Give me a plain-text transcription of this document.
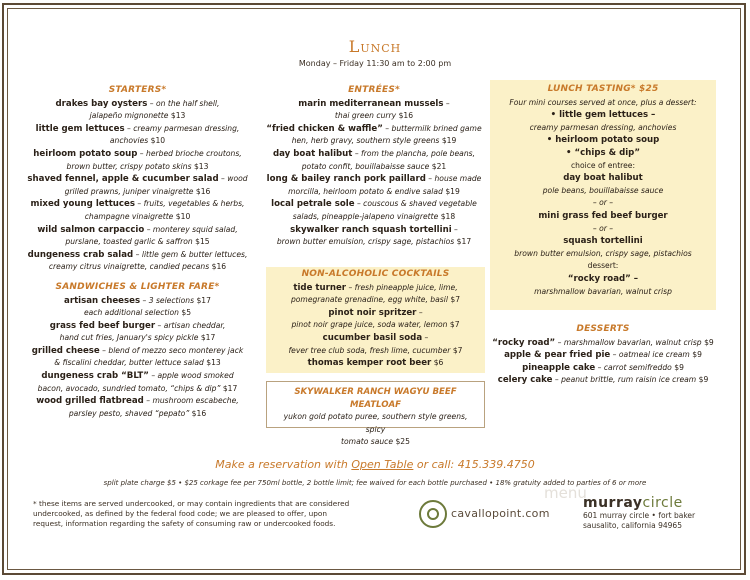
Lunch
Monday – Friday 11:30 am to 2:00 pm
STARTERS*
drakes bay oysters – on the half shell,
jalapeño mignonette $13
little gem lettuces – creamy parmesan dressing,
anchovies $10
heirloom potato soup – herbed brioche croutons,
brown butter, crispy potato skins $13
shaved fennel, apple & cucumber salad – wood
grilled prawns, juniper vinaigrette $16
mixed young lettuces – fruits, vegetables & herbs,
champagne vinaigrette $10
wild salmon carpaccio – monterey squid salad,
purslane, toasted garlic & saffron $15
dungeness crab salad – little gem & butter lettuces,
creamy citrus vinaigrette, candied pecans $16
SANDWICHES & LIGHTER FARE*
artisan cheeses – 3 selections $17
each additional selection $5
grass fed beef burger – artisan cheddar,
hand cut fries, January's spicy pickle $17
grilled cheese – blend of mezzo seco monterey jack
& fiscalini cheddar, butter lettuce salad $13
dungeness crab “BLT” – apple wood smoked
bacon, avocado, sundried tomato, “chips & dip” $17
wood grilled flatbread – mushroom escabeche,
parsley pesto, shaved “pepato” $16
ENTRÉES*
marin mediterranean mussels –
thai green curry $16
“fried chicken & waffle” – buttermilk brined game
hen, herb gravy, southern style greens $19
day boat halibut – from the plancha, pole beans,
potato confit, bouillabaisse sauce $21
long & bailey ranch pork paillard – house made
morcilla, heirloom potato & endive salad $19
local petrale sole – couscous & shaved vegetable
salads, pineapple-jalapeno vinaigrette $18
skywalker ranch squash tortellini –
brown butter emulsion, crispy sage, pistachios $17
NON-ALCOHOLIC COCKTAILS
tide turner – fresh pineapple juice, lime,
pomegranate grenadine, egg white, basil $7
pinot noir spritzer –
pinot noir grape juice, soda water, lemon $7
cucumber basil soda –
fever tree club soda, fresh lime, cucumber $7
thomas kemper root beer $6
SKYWALKER RANCH WAGYU BEEF MEATLOAF
yukon gold potato puree, southern style greens, spicy
tomato sauce $25
LUNCH TASTING* $25
Four mini courses served at once, plus a dessert:
• little gem lettuces –
creamy parmesan dressing, anchovies
• heirloom potato soup
• “chips & dip”
choice of entree:
day boat halibut
pole beans, bouillabaisse sauce
– or –
mini grass fed beef burger
– or –
squash tortellini
brown butter emulsion, crispy sage, pistachios
dessert:
“rocky road” –
marshmallow bavarian, walnut crisp
DESSERTS
“rocky road” – marshmallow bavarian, walnut crisp $9
apple & pear fried pie – oatmeal ice cream $9
pineapple cake – carrot semifreddo $9
celery cake – peanut brittle, rum raisin ice cream $9
Make a reservation with Open Table or call: 415.339.4750
split plate charge $5 • $25 corkage fee per 750ml bottle, 2 bottle limit; fee waived for each bottle purchased • 18% gratuity added to parties of 6 or more
* these items are served undercooked, or may contain ingredients that are considered undercooked, as defined by the federal food code; we are pleased to offer, upon request, information regarding the safety of consuming raw or undercooked foods.
menu
cavallopoint.com
murraycircle
601 murray circle • fort baker
sausalito, california 94965
